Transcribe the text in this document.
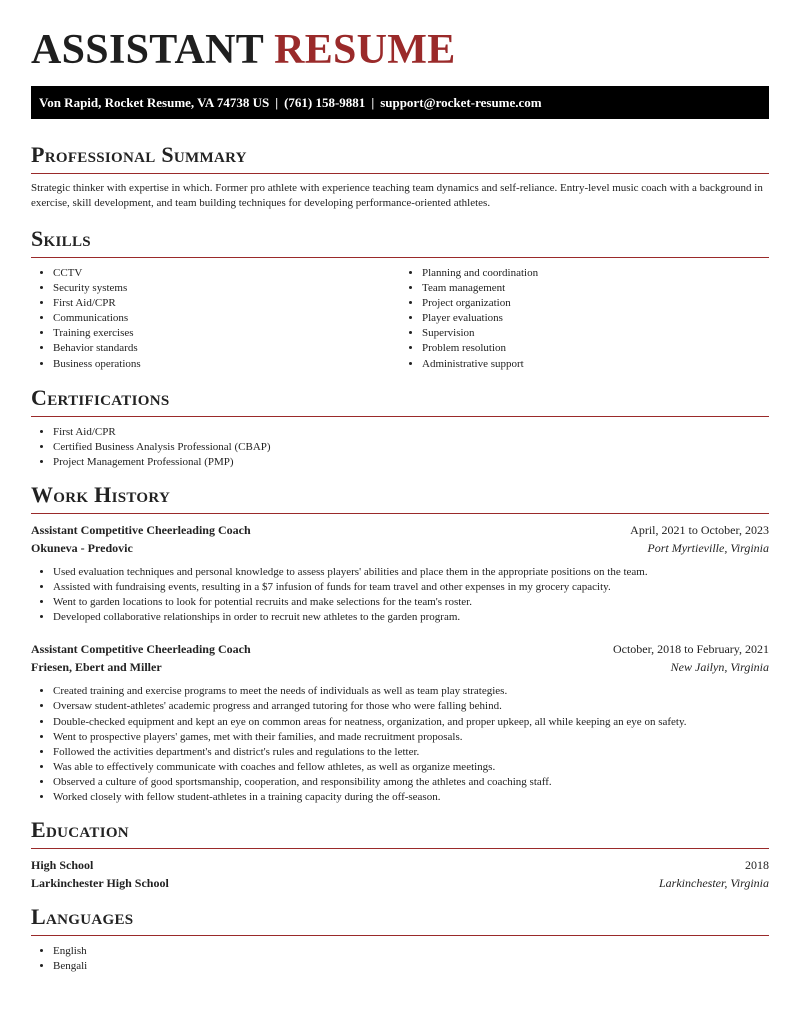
ASSISTANT RESUME
Von Rapid, Rocket Resume, VA 74738 US | (761) 158-9881 | support@rocket-resume.com
Professional Summary
Strategic thinker with expertise in which. Former pro athlete with experience teaching team dynamics and self-reliance. Entry-level music coach with a background in exercise, skill development, and team building techniques for developing performance-oriented athletes.
Skills
• CCTV
• Security systems
• First Aid/CPR
• Communications
• Training exercises
• Behavior standards
• Business operations
• Planning and coordination
• Team management
• Project organization
• Player evaluations
• Supervision
• Problem resolution
• Administrative support
Certifications
• First Aid/CPR
• Certified Business Analysis Professional (CBAP)
• Project Management Professional (PMP)
Work History
Assistant Competitive Cheerleading Coach	April, 2021 to October, 2023
Okuneva - Predovic	Port Myrtieville, Virginia
• Used evaluation techniques and personal knowledge to assess players' abilities and place them in the appropriate positions on the team.
• Assisted with fundraising events, resulting in a $7 infusion of funds for team travel and other expenses in my grocery capacity.
• Went to garden locations to look for potential recruits and make selections for the team's roster.
• Developed collaborative relationships in order to recruit new athletes to the garden program.
Assistant Competitive Cheerleading Coach	October, 2018 to February, 2021
Friesen, Ebert and Miller	New Jailyn, Virginia
• Created training and exercise programs to meet the needs of individuals as well as team play strategies.
• Oversaw student-athletes' academic progress and arranged tutoring for those who were falling behind.
• Double-checked equipment and kept an eye on common areas for neatness, organization, and proper upkeep, all while keeping an eye on safety.
• Went to prospective players' games, met with their families, and made recruitment proposals.
• Followed the activities department's and district's rules and regulations to the letter.
• Was able to effectively communicate with coaches and fellow athletes, as well as organize meetings.
• Observed a culture of good sportsmanship, cooperation, and responsibility among the athletes and coaching staff.
• Worked closely with fellow student-athletes in a training capacity during the off-season.
Education
High School	2018
Larkinchester High School	Larkinchester, Virginia
Languages
• English
• Bengali
